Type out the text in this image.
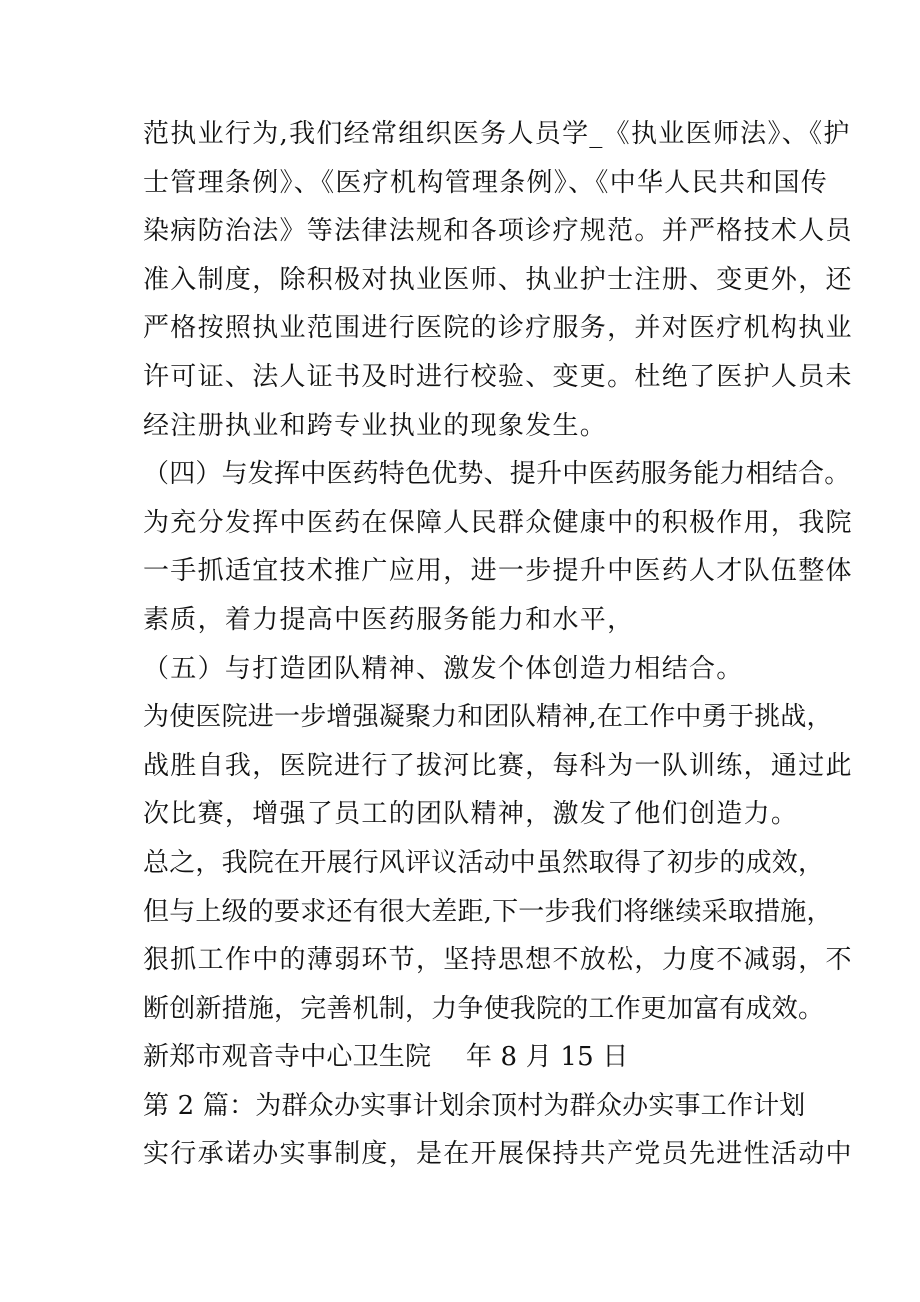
范执业行为,我们经常组织医务人员学_《执业医师法》、《护
士管理条例》、《医疗机构管理条例》、《中华人民共和国传
染病防治法》等法律法规和各项诊疗规范。并严格技术人员
准入制度，除积极对执业医师、执业护士注册、变更外，还
严格按照执业范围进行医院的诊疗服务，并对医疗机构执业
许可证、法人证书及时进行校验、变更。杜绝了医护人员未
经注册执业和跨专业执业的现象发生。
（四）与发挥中医药特色优势、提升中医药服务能力相结合。
为充分发挥中医药在保障人民群众健康中的积极作用，我院
一手抓适宜技术推广应用，进一步提升中医药人才队伍整体
素质，着力提高中医药服务能力和水平，
（五）与打造团队精神、激发个体创造力相结合。
为使医院进一步增强凝聚力和团队精神,在工作中勇于挑战，
战胜自我，医院进行了拔河比赛，每科为一队训练，通过此
次比赛，增强了员工的团队精神，激发了他们创造力。
总之，我院在开展行风评议活动中虽然取得了初步的成效，
但与上级的要求还有很大差距,下一步我们将继续采取措施，
狠抓工作中的薄弱环节，坚持思想不放松，力度不减弱，不
断创新措施，完善机制，力争使我院的工作更加富有成效。
新郑市观音寺中心卫生院　 年 8 月 15 日
第 2 篇：为群众办实事计划余顶村为群众办实事工作计划
实行承诺办实事制度，是在开展保持共产党员先进性活动中
